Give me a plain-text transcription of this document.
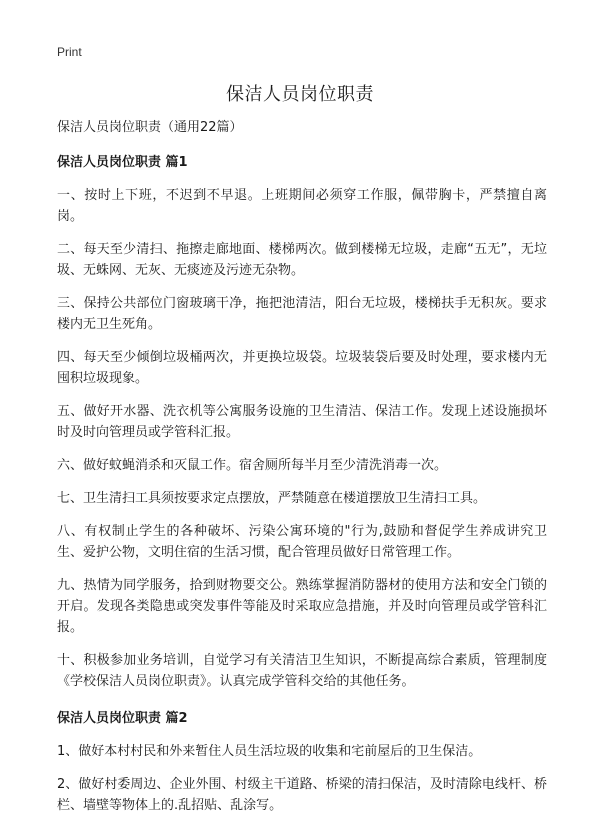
Print
保洁人员岗位职责

保洁人员岗位职责（通用22篇）

保洁人员岗位职责 篇1

一、按时上下班，不迟到不早退。上班期间必须穿工作服，佩带胸卡，严禁擅自离岗。

二、每天至少清扫、拖擦走廊地面、楼梯两次。做到楼梯无垃圾，走廊“五无”，无垃圾、无蛛网、无灰、无痰迹及污迹无杂物。

三、保持公共部位门窗玻璃干净，拖把池清洁，阳台无垃圾，楼梯扶手无积灰。要求楼内无卫生死角。

四、每天至少倾倒垃圾桶两次，并更换垃圾袋。垃圾装袋后要及时处理，要求楼内无囤积垃圾现象。

五、做好开水器、洗衣机等公寓服务设施的卫生清洁、保洁工作。发现上述设施损坏时及时向管理员或学管科汇报。

六、做好蚊蝇消杀和灭鼠工作。宿舍厕所每半月至少清洗消毒一次。

七、卫生清扫工具须按要求定点摆放，严禁随意在楼道摆放卫生清扫工具。

八、有权制止学生的各种破坏、污染公寓环境的"行为,鼓励和督促学生养成讲究卫生、爱护公物，文明住宿的生活习惯，配合管理员做好日常管理工作。

九、热情为同学服务，拾到财物要交公。熟练掌握消防器材的使用方法和安全门锁的开启。发现各类隐患或突发事件等能及时采取应急措施，并及时向管理员或学管科汇报。

十、积极参加业务培训，自觉学习有关清洁卫生知识，不断提高综合素质，管理制度《学校保洁人员岗位职责》。认真完成学管科交给的其他任务。

保洁人员岗位职责 篇2

1、做好本村村民和外来暂住人员生活垃圾的收集和宅前屋后的卫生保洁。

2、做好村委周边、企业外围、村级主干道路、桥梁的清扫保洁，及时清除电线杆、桥栏、墙壁等物体上的.乱招贴、乱涂写。
